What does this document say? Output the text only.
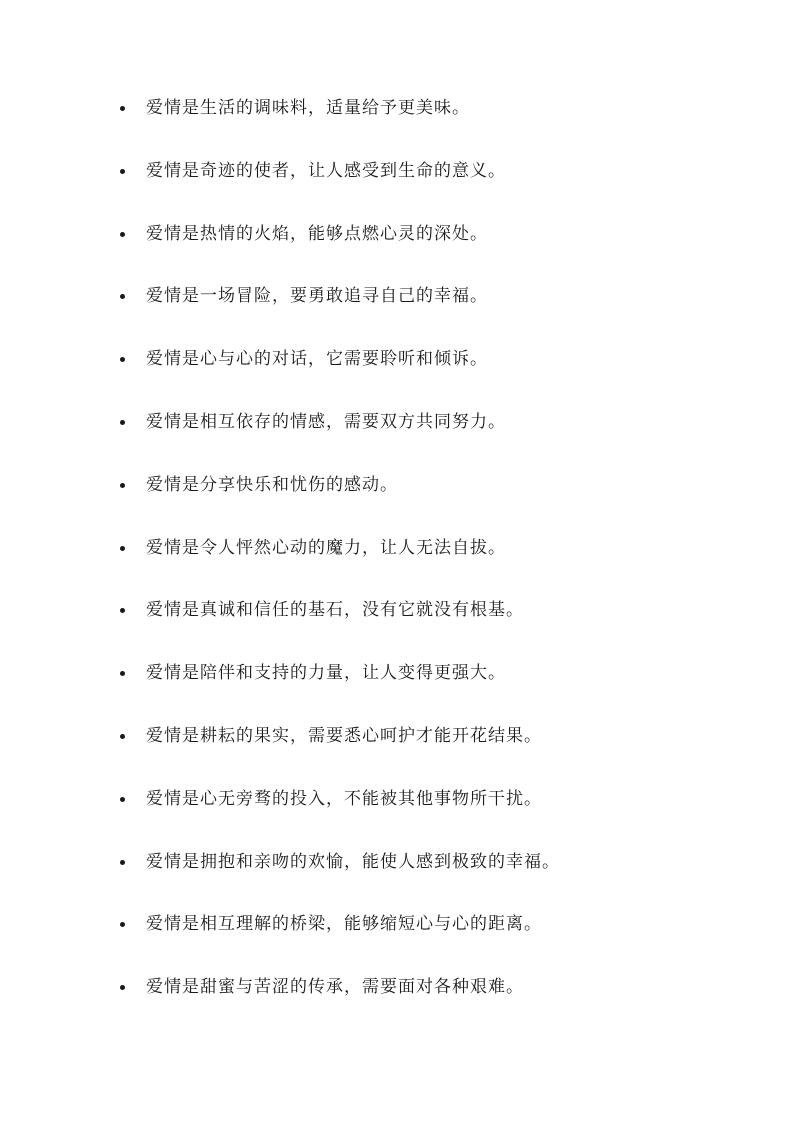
爱情是生活的调味料，适量给予更美味。
爱情是奇迹的使者，让人感受到生命的意义。
爱情是热情的火焰，能够点燃心灵的深处。
爱情是一场冒险，要勇敢追寻自己的幸福。
爱情是心与心的对话，它需要聆听和倾诉。
爱情是相互依存的情感，需要双方共同努力。
爱情是分享快乐和忧伤的感动。
爱情是令人怦然心动的魔力，让人无法自拔。
爱情是真诚和信任的基石，没有它就没有根基。
爱情是陪伴和支持的力量，让人变得更强大。
爱情是耕耘的果实，需要悉心呵护才能开花结果。
爱情是心无旁骛的投入，不能被其他事物所干扰。
爱情是拥抱和亲吻的欢愉，能使人感到极致的幸福。
爱情是相互理解的桥梁，能够缩短心与心的距离。
爱情是甜蜜与苦涩的传承，需要面对各种艰难。
